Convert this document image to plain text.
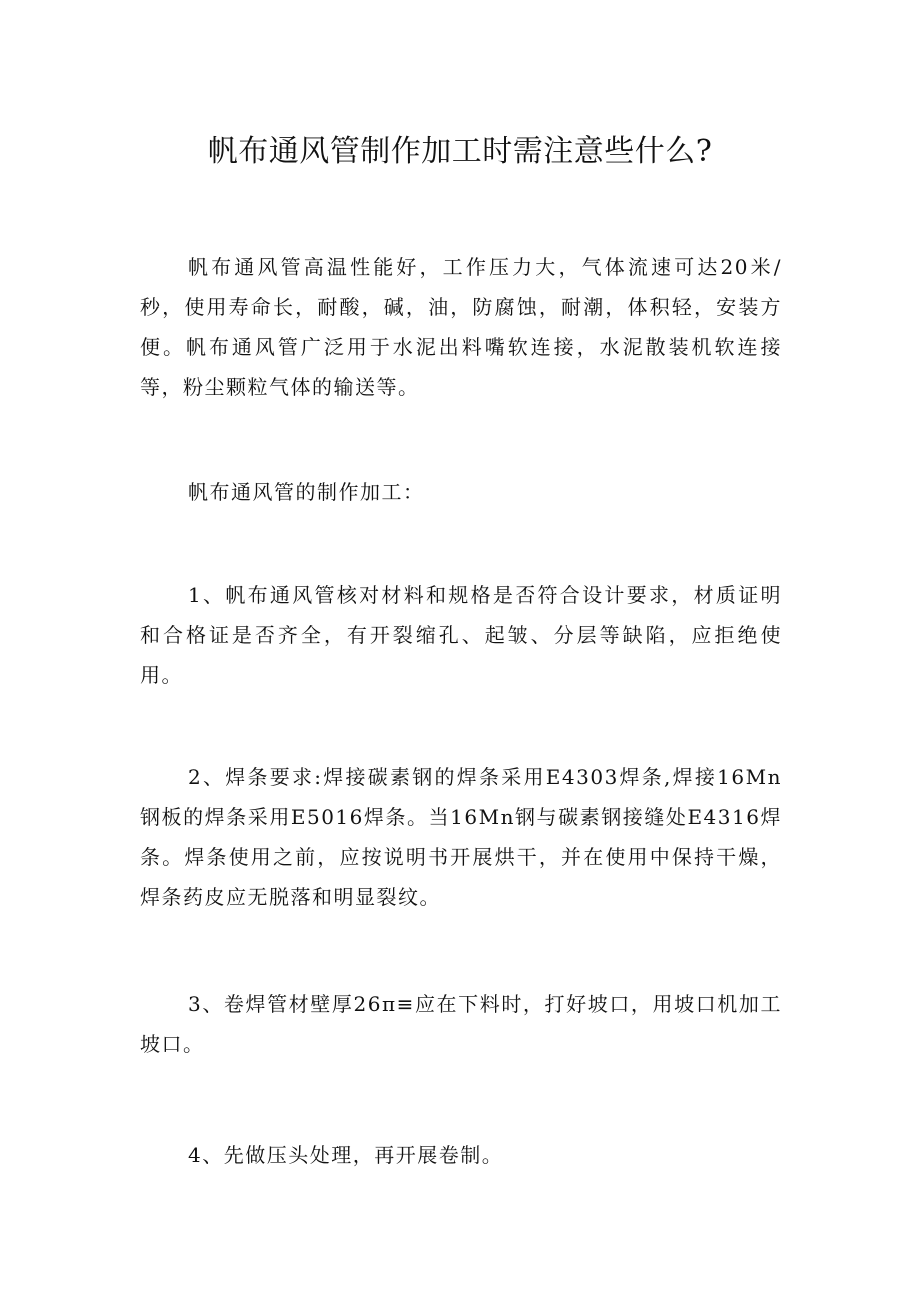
帆布通风管制作加工时需注意些什么?

帆布通风管高温性能好，工作压力大，气体流速可达20米/秒，使用寿命长，耐酸，碱，油，防腐蚀，耐潮，体积轻，安装方便。帆布通风管广泛用于水泥出料嘴软连接，水泥散装机软连接等，粉尘颗粒气体的输送等。

帆布通风管的制作加工：

1、帆布通风管核对材料和规格是否符合设计要求，材质证明和合格证是否齐全，有开裂缩孔、起皱、分层等缺陷，应拒绝使用。

2、焊条要求:焊接碳素钢的焊条采用E4303焊条,焊接16Mn钢板的焊条采用E5016焊条。当16Mn钢与碳素钢接缝处E4316焊条。焊条使用之前，应按说明书开展烘干，并在使用中保持干燥，焊条药皮应无脱落和明显裂纹。

3、卷焊管材壁厚26π≡应在下料时，打好坡口，用坡口机加工坡口。

4、先做压头处理，再开展卷制。
